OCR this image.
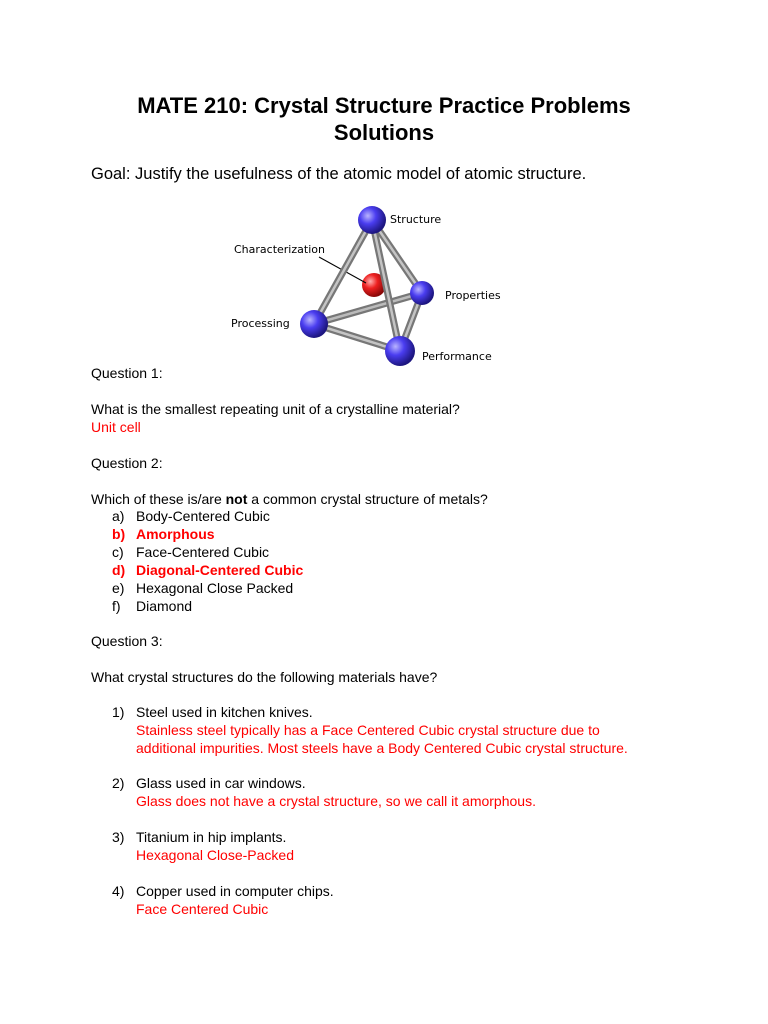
MATE 210: Crystal Structure Practice Problems
Solutions

Goal: Justify the usefulness of the atomic model of atomic structure.

Structure
Characterization
Properties
Processing
Performance

Question 1:

What is the smallest repeating unit of a crystalline material?

Unit cell

Question 2:

Which of these is/are not a common crystal structure of metals?

a) Body-Centered Cubic
b) Amorphous
c) Face-Centered Cubic
d) Diagonal-Centered Cubic
e) Hexagonal Close Packed
f) Diamond

Question 3:

What crystal structures do the following materials have?

1) Steel used in kitchen knives.
Stainless steel typically has a Face Centered Cubic crystal structure due to
additional impurities. Most steels have a Body Centered Cubic crystal structure.
2) Glass used in car windows.
Glass does not have a crystal structure, so we call it amorphous.
3) Titanium in hip implants.
Hexagonal Close-Packed
4) Copper used in computer chips.
Face Centered Cubic
